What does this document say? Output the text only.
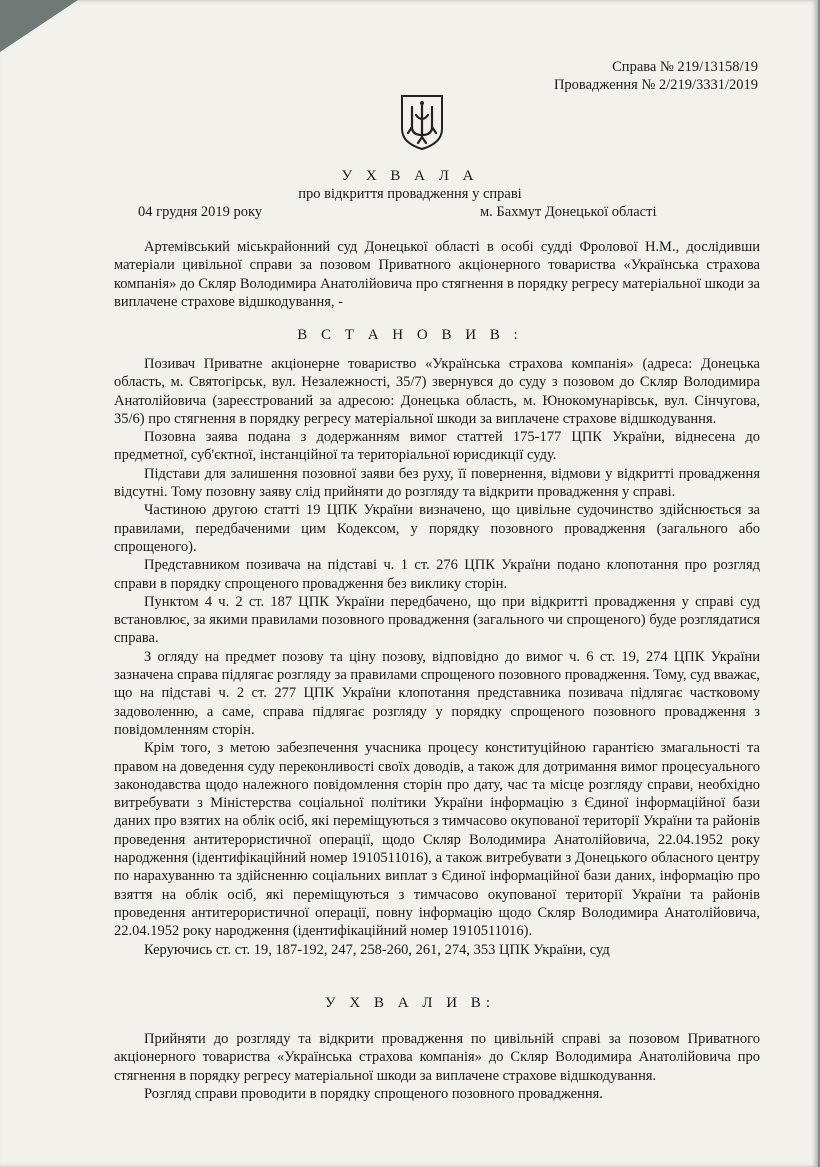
Справа № 219/13158/19
Провадження № 2/219/3331/2019
У Х В А Л А
про відкриття провадження у справі
04 грудня 2019 року	м. Бахмут Донецької області

Артемівський міськрайонний суд Донецької області в особі судді Фролової Н.М., дослідивши матеріали цивільної справи за позовом Приватного акціонерного товариства «Українська страхова компанія» до Скляр Володимира Анатолійовича про стягнення в порядку регресу матеріальної шкоди за виплачене страхове відшкодування, -

В С Т А Н О В И В :

Позивач Приватне акціонерне товариство «Українська страхова компанія» (адреса: Донецька область, м. Святогірськ, вул. Незалежності, 35/7) звернувся до суду з позовом до Скляр Володимира Анатолійовича (зареєстрований за адресою: Донецька область, м. Юнокомунарівськ, вул. Сінчугова, 35/6) про стягнення в порядку регресу матеріальної шкоди за виплачене страхове відшкодування.

Позовна заява подана з додержанням вимог статтей 175-177 ЦПК України, віднесена до предметної, суб'єктної, інстанційної та територіальної юрисдикції суду.

Підстави для залишення позовної заяви без руху, її повернення, відмови у відкритті провадження відсутні. Тому позовну заяву слід прийняти до розгляду та відкрити провадження у справі.

Частиною другою статті 19 ЦПК України визначено, що цивільне судочинство здійснюється за правилами, передбаченими цим Кодексом, у порядку позовного провадження (загального або спрощеного).

Представником позивача на підставі ч. 1 ст. 276 ЦПК України подано клопотання про розгляд справи в порядку спрощеного провадження без виклику сторін.

Пунктом 4 ч. 2 ст. 187 ЦПК України передбачено, що при відкритті провадження у справі суд встановлює, за якими правилами позовного провадження (загального чи спрощеного) буде розглядатися справа.

З огляду на предмет позову та ціну позову, відповідно до вимог ч. 6 ст. 19, 274 ЦПК України зазначена справа підлягає розгляду за правилами спрощеного позовного провадження. Тому, суд вважає, що на підставі ч. 2 ст. 277 ЦПК України клопотання представника позивача підлягає частковому задоволенню, а саме, справа підлягає розгляду у порядку спрощеного позовного провадження з повідомленням сторін.

Крім того, з метою забезпечення учасника процесу конституційною гарантією змагальності та правом на доведення суду переконливості своїх доводів, а також для дотримання вимог процесуального законодавства щодо належного повідомлення сторін про дату, час та місце розгляду справи, необхідно витребувати з Міністерства соціальної політики України інформацію з Єдиної інформаційної бази даних про взятих на облік осіб, які переміщуються з тимчасово окупованої території України та районів проведення антитерористичної операції, щодо Скляр Володимира Анатолійовича, 22.04.1952 року народження (ідентифікаційний номер 1910511016), а також витребувати з Донецького обласного центру по нарахуванню та здійсненню соціальних виплат з Єдиної інформаційної бази даних, інформацію про взяття на облік осіб, які переміщуються з тимчасово окупованої території України та районів проведення антитерористичної операції, повну інформацію щодо Скляр Володимира Анатолійовича, 22.04.1952 року народження (ідентифікаційний номер 1910511016).

Керуючись ст. ст. 19, 187-192, 247, 258-260, 261, 274, 353 ЦПК України, суд

У Х В А Л И В:

Прийняти до розгляду та відкрити провадження по цивільній справі за позовом Приватного акціонерного товариства «Українська страхова компанія» до Скляр Володимира Анатолійовича про стягнення в порядку регресу матеріальної шкоди за виплачене страхове відшкодування.

Розгляд справи проводити в порядку спрощеного позовного провадження.
